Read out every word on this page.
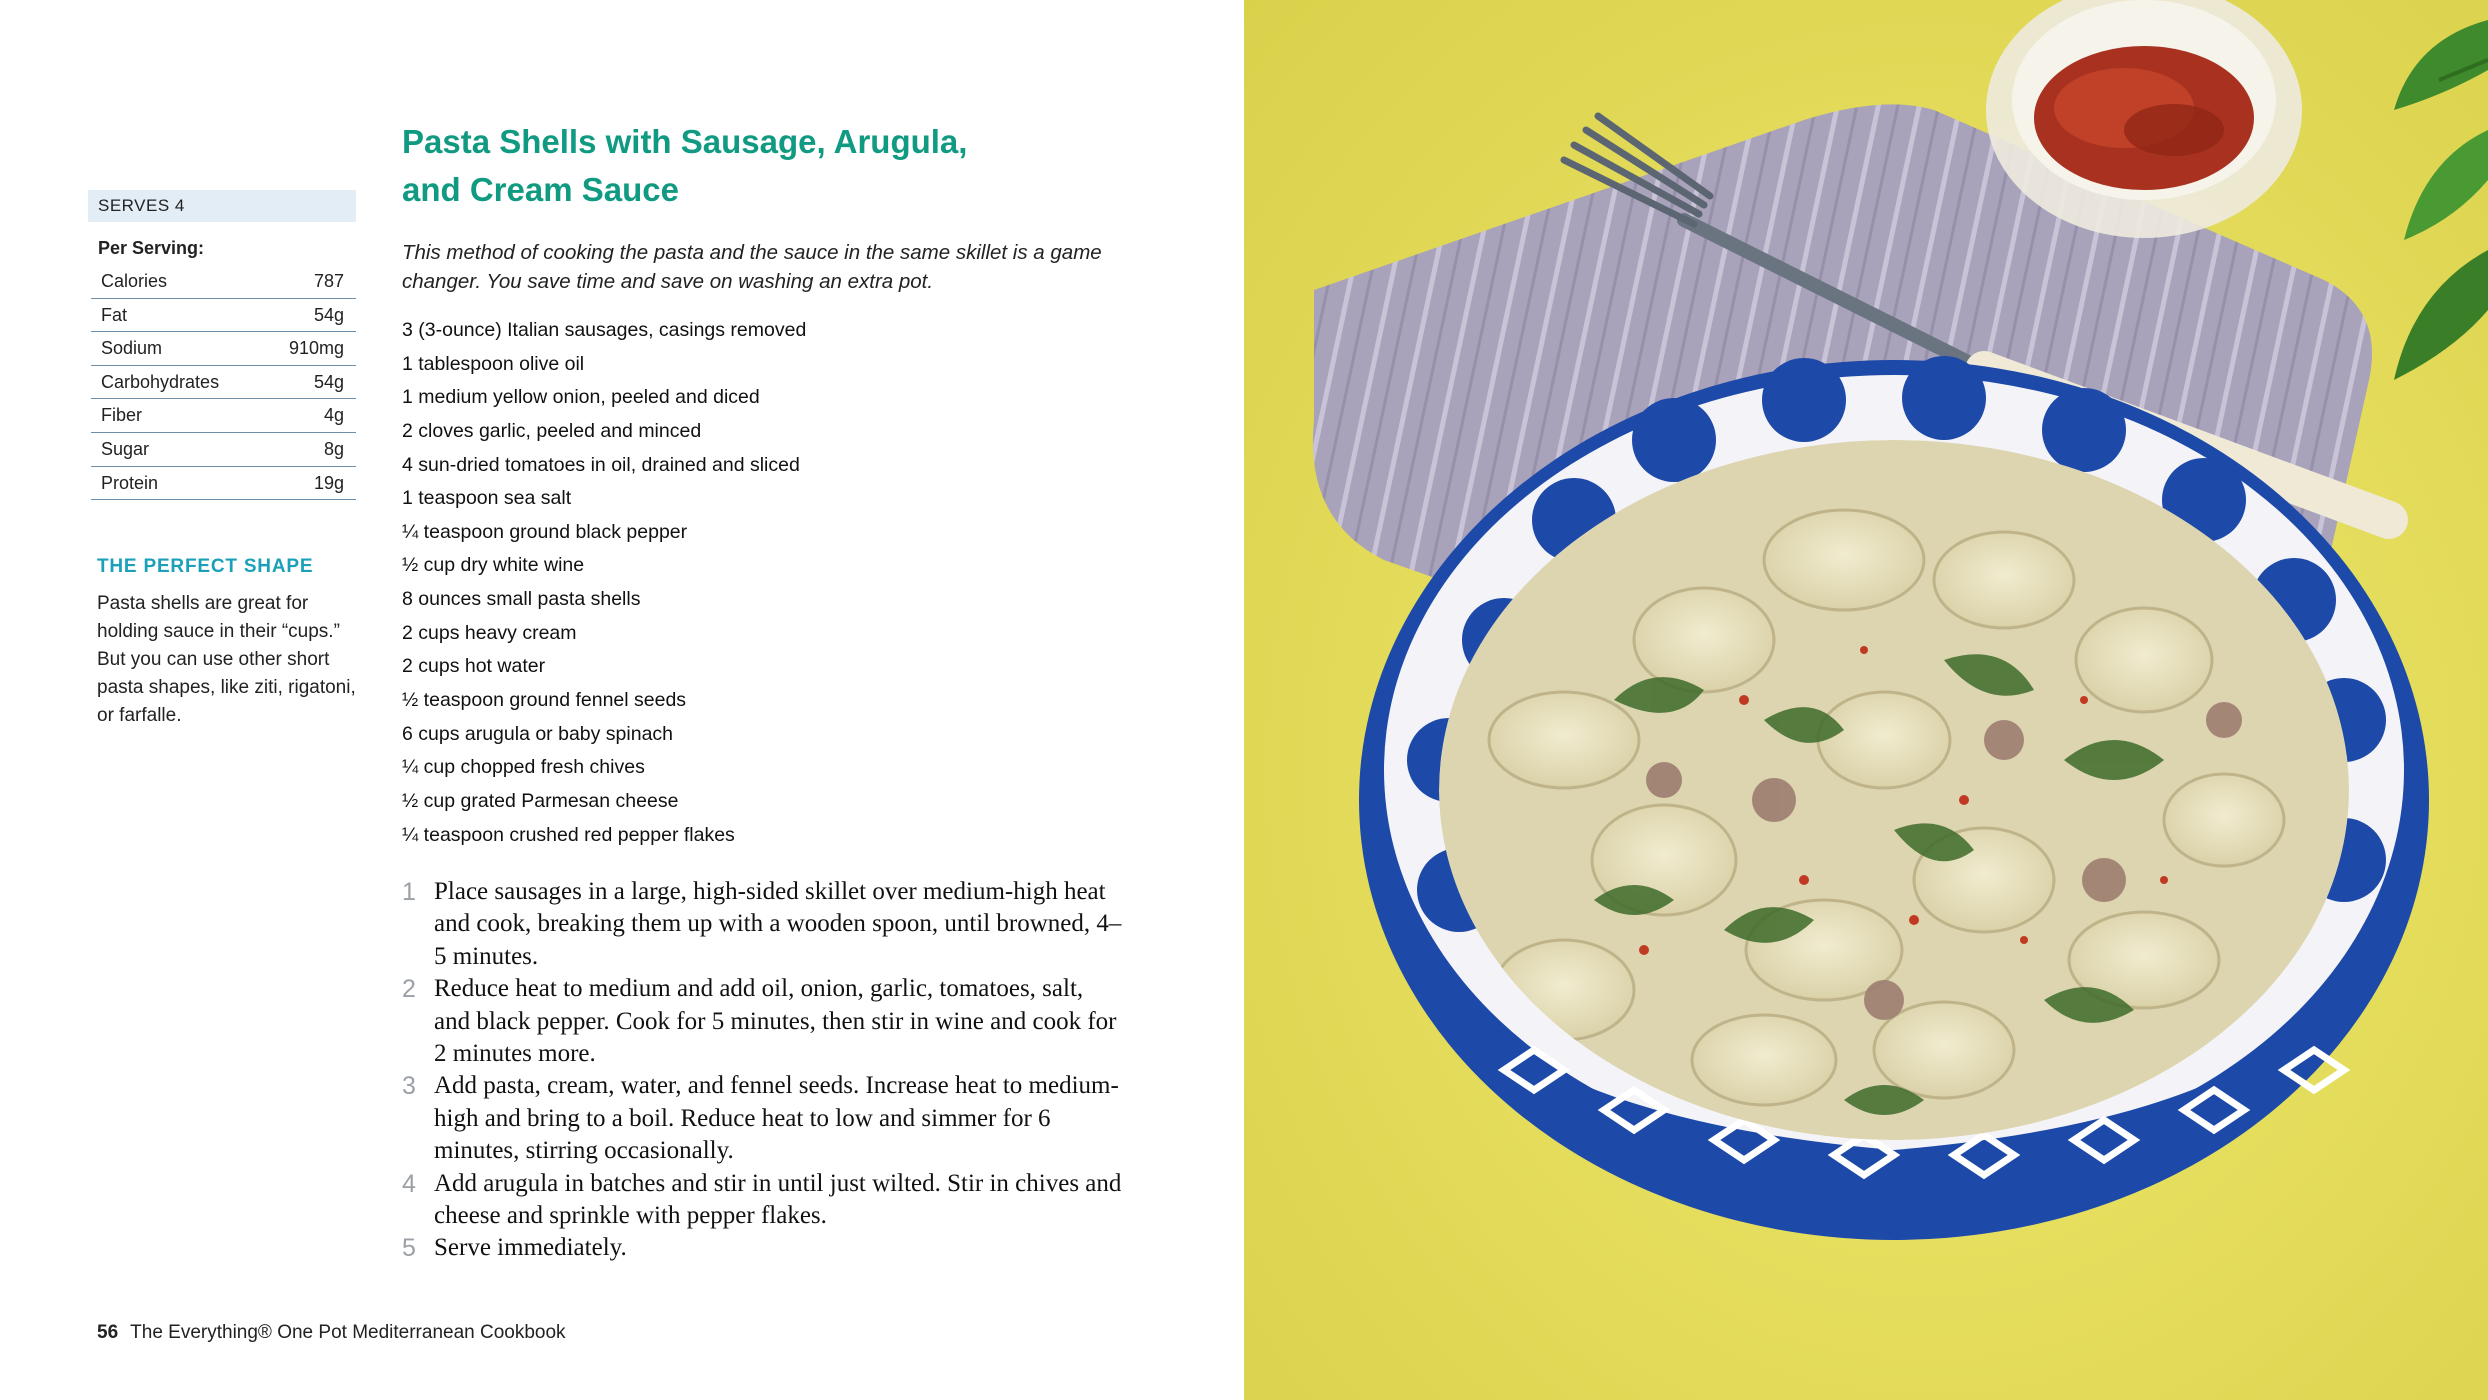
SERVES 4
Per Serving:
Calories	787
Fat	54g
Sodium	910mg
Carbohydrates	54g
Fiber	4g
Sugar	8g
Protein	19g
THE PERFECT SHAPE
Pasta shells are great for holding sauce in their “cups.” But you can use other short pasta shapes, like ziti, rigatoni, or farfalle.
Pasta Shells with Sausage, Arugula,
and Cream Sauce
This method of cooking the pasta and the sauce in the same skillet is a game changer. You save time and save on washing an extra pot.
3 (3-ounce) Italian sausages, casings removed
1 tablespoon olive oil
1 medium yellow onion, peeled and diced
2 cloves garlic, peeled and minced
4 sun-dried tomatoes in oil, drained and sliced
1 teaspoon sea salt
¼ teaspoon ground black pepper
½ cup dry white wine
8 ounces small pasta shells
2 cups heavy cream
2 cups hot water
½ teaspoon ground fennel seeds
6 cups arugula or baby spinach
¼ cup chopped fresh chives
½ cup grated Parmesan cheese
¼ teaspoon crushed red pepper flakes
1 Place sausages in a large, high-sided skillet over medium-high heat and cook, breaking them up with a wooden spoon, until browned, 4–5 minutes.
2 Reduce heat to medium and add oil, onion, garlic, tomatoes, salt, and black pepper. Cook for 5 minutes, then stir in wine and cook for 2 minutes more.
3 Add pasta, cream, water, and fennel seeds. Increase heat to medium-high and bring to a boil. Reduce heat to low and simmer for 6 minutes, stirring occasionally.
4 Add arugula in batches and stir in until just wilted. Stir in chives and cheese and sprinkle with pepper flakes.
5 Serve immediately.
56 The Everything® One Pot Mediterranean Cookbook
